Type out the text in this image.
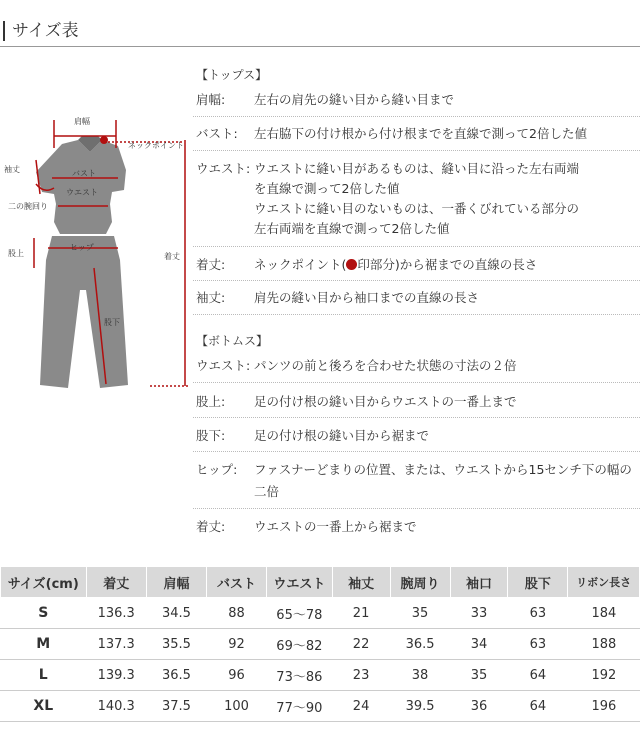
サイズ表
肩幅
ネックポイント
袖丈	バスト
ウエスト
二の腕回り
着丈
股上
ヒップ
股下
【トップス】
肩幅: 左右の肩先の縫い目から縫い目まで
バスト: 左右脇下の付け根から付け根までを直線で測って2倍した値
ウエスト: ウエストに縫い目があるものは、縫い目に沿った左右両端
を直線で測って2倍した値
ウエストに縫い目のないものは、一番くびれている部分の
左右両端を直線で測って2倍した値
着丈: ネックポイント( 印部分)から裾までの直線の長さ
袖丈: 肩先の縫い目から袖口までの直線の長さ
【ボトムス】
ウエスト: パンツの前と後ろを合わせた状態の寸法の２倍
股上: 足の付け根の縫い目からウエストの一番上まで
股下: 足の付け根の縫い目から裾まで
ヒップ: ファスナーどまりの位置、または、ウエストから15センチ下の幅の
二倍
着丈: ウエストの一番上から裾まで
サイズ(cm)	着丈	肩幅	バスト	ウエスト	袖丈	腕周り	袖口	股下	リボン長さ
S	136.3	34.5	88	65～78	21	35	33	63	184
M	137.3	35.5	92	69～82	22	36.5	34	63	188
L	139.3	36.5	96	73～86	23	38	35	64	192
XL	140.3	37.5	100	77～90	24	39.5	36	64	196
